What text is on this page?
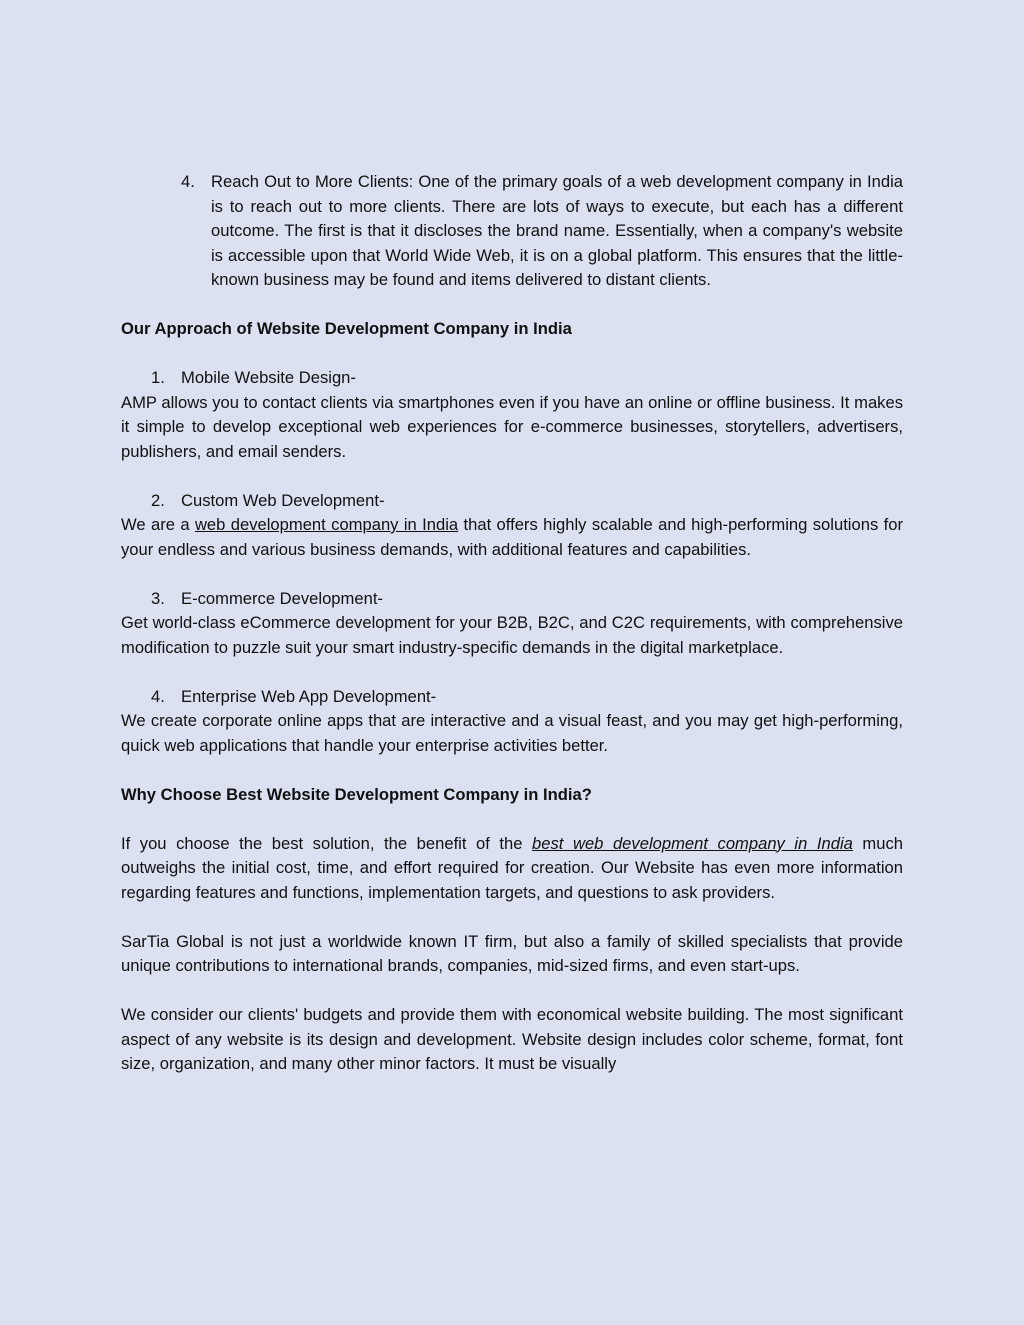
4. Reach Out to More Clients: One of the primary goals of a web development company in India is to reach out to more clients. There are lots of ways to execute, but each has a different outcome. The first is that it discloses the brand name. Essentially, when a company's website is accessible upon that World Wide Web, it is on a global platform. This ensures that the little-known business may be found and items delivered to distant clients.
Our Approach of Website Development Company in India
1. Mobile Website Design-

AMP allows you to contact clients via smartphones even if you have an online or offline business. It makes it simple to develop exceptional web experiences for e-commerce businesses, storytellers, advertisers, publishers, and email senders.

2. Custom Web Development-

We are a web development company in India that offers highly scalable and high-performing solutions for your endless and various business demands, with additional features and capabilities.

3. E-commerce Development-

Get world-class eCommerce development for your B2B, B2C, and C2C requirements, with comprehensive modification to puzzle suit your smart industry-specific demands in the digital marketplace.

4. Enterprise Web App Development-

We create corporate online apps that are interactive and a visual feast, and you may get high-performing, quick web applications that handle your enterprise activities better.

Why Choose Best Website Development Company in India?

If you choose the best solution, the benefit of the best web development company in India much outweighs the initial cost, time, and effort required for creation. Our Website has even more information regarding features and functions, implementation targets, and questions to ask providers.

SarTia Global is not just a worldwide known IT firm, but also a family of skilled specialists that provide unique contributions to international brands, companies, mid-sized firms, and even start-ups.

We consider our clients' budgets and provide them with economical website building. The most significant aspect of any website is its design and development. Website design includes color scheme, format, font size, organization, and many other minor factors. It must be visually
